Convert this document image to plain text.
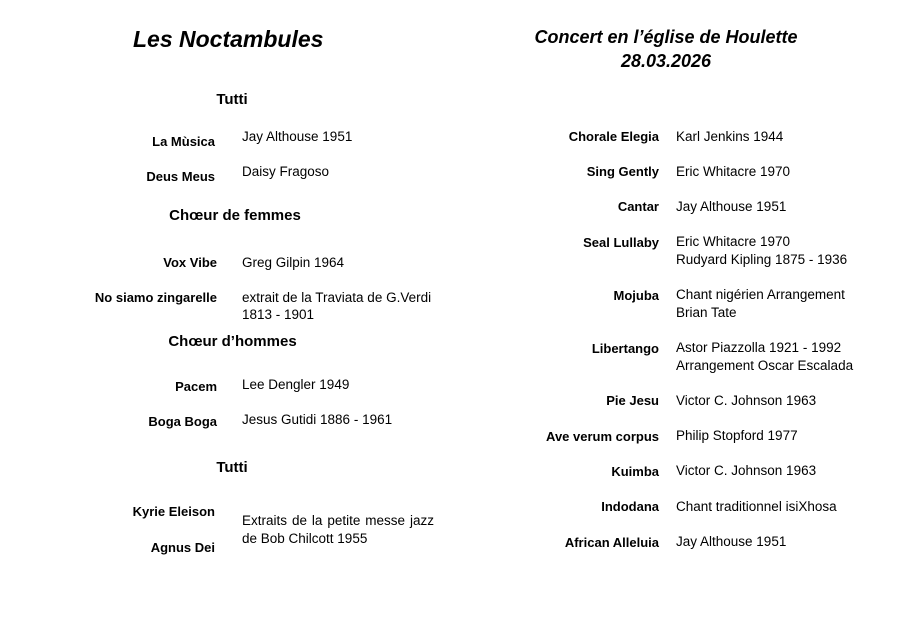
Les Noctambules
Tutti
La Mùsica Jay Althouse 1951
Deus Meus Daisy Fragoso
Chœur de femmes
Vox Vibe Greg Gilpin 1964
No siamo zingarelle extrait de la Traviata de G.Verdi
1813 - 1901
Chœur d’hommes
Pacem Lee Dengler 1949
Boga Boga Jesus Gutidi 1886 - 1961
Tutti
Kyrie Eleison
Agnus Dei
Extraits de la petite messe jazz de Bob Chilcott 1955
Concert en l’église de Houlette
28.03.2026
Chorale Elegia Karl Jenkins 1944
Sing Gently Eric Whitacre 1970
Cantar Jay Althouse 1951
Seal Lullaby Eric Whitacre 1970
Rudyard Kipling 1875 - 1936
Mojuba Chant nigérien Arrangement
Brian Tate
Libertango Astor Piazzolla 1921 - 1992
Arrangement Oscar Escalada
Pie Jesu Victor C. Johnson 1963
Ave verum corpus Philip Stopford 1977
Kuimba Victor C. Johnson 1963
Indodana Chant traditionnel isiXhosa
African Alleluia Jay Althouse 1951
